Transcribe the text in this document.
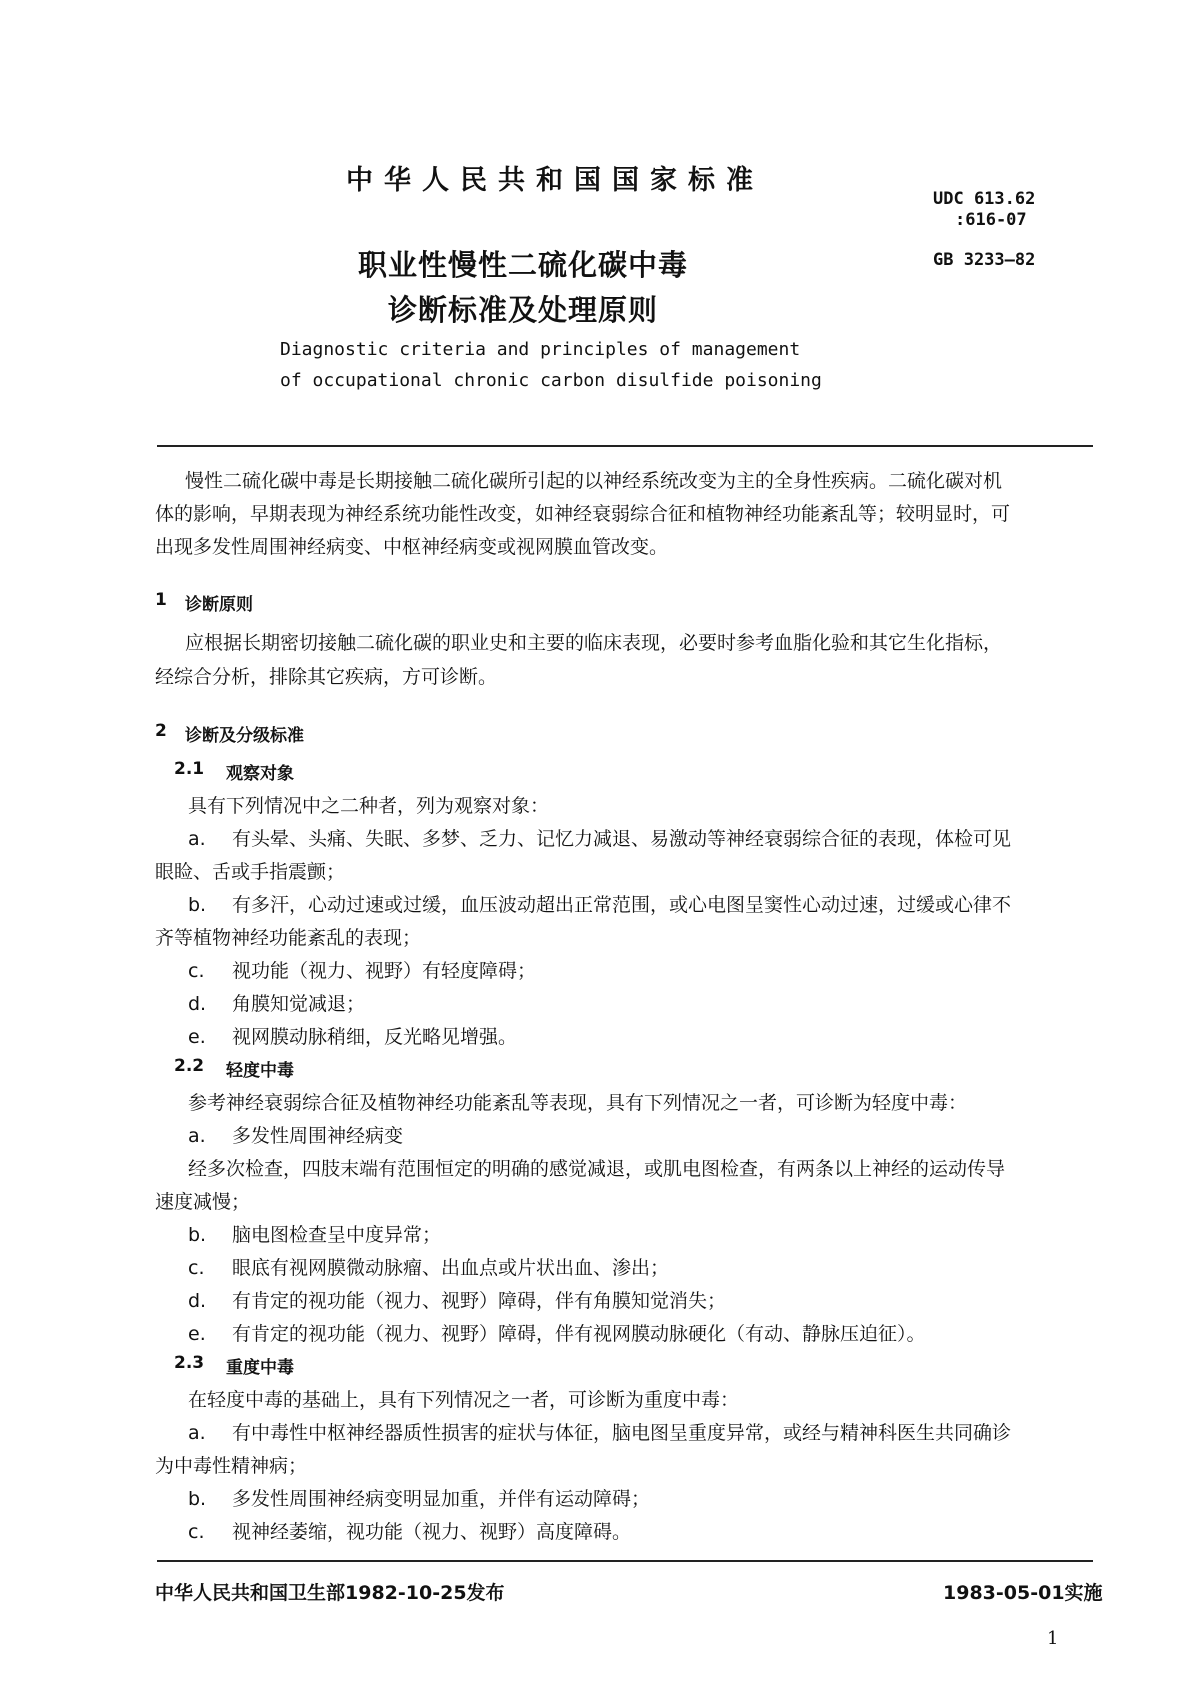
中华人民共和国国家标准
UDC 613.62
:616-07
GB 3233—82
职业性慢性二硫化碳中毒
诊断标准及处理原则
Diagnostic criteria and principles of management
of occupational chronic carbon disulfide poisoning
慢性二硫化碳中毒是长期接触二硫化碳所引起的以神经系统改变为主的全身性疾病。二硫化碳对机
体的影响，早期表现为神经系统功能性改变，如神经衰弱综合征和植物神经功能紊乱等；较明显时，可
出现多发性周围神经病变、中枢神经病变或视网膜血管改变。
1 诊断原则
应根据长期密切接触二硫化碳的职业史和主要的临床表现，必要时参考血脂化验和其它生化指标，
经综合分析，排除其它疾病，方可诊断。
2 诊断及分级标准
2.1 观察对象
具有下列情况中之二种者，列为观察对象：
a. 有头晕、头痛、失眠、多梦、乏力、记忆力减退、易激动等神经衰弱综合征的表现，体检可见
眼睑、舌或手指震颤；
b. 有多汗，心动过速或过缓，血压波动超出正常范围，或心电图呈窦性心动过速，过缓或心律不
齐等植物神经功能紊乱的表现；
c. 视功能（视力、视野）有轻度障碍；
d. 角膜知觉减退；
e. 视网膜动脉稍细，反光略见增强。
2.2 轻度中毒
参考神经衰弱综合征及植物神经功能紊乱等表现，具有下列情况之一者，可诊断为轻度中毒：
a. 多发性周围神经病变
经多次检查，四肢末端有范围恒定的明确的感觉减退，或肌电图检查，有两条以上神经的运动传导
速度减慢；
b. 脑电图检查呈中度异常；
c. 眼底有视网膜微动脉瘤、出血点或片状出血、渗出；
d. 有肯定的视功能（视力、视野）障碍，伴有角膜知觉消失；
e. 有肯定的视功能（视力、视野）障碍，伴有视网膜动脉硬化（有动、静脉压迫征）。
2.3 重度中毒
在轻度中毒的基础上，具有下列情况之一者，可诊断为重度中毒：
a. 有中毒性中枢神经器质性损害的症状与体征，脑电图呈重度异常，或经与精神科医生共同确诊
为中毒性精神病；
b. 多发性周围神经病变明显加重，并伴有运动障碍；
c. 视神经萎缩，视功能（视力、视野）高度障碍。
中华人民共和国卫生部1982-10-25发布	1983-05-01实施
1
